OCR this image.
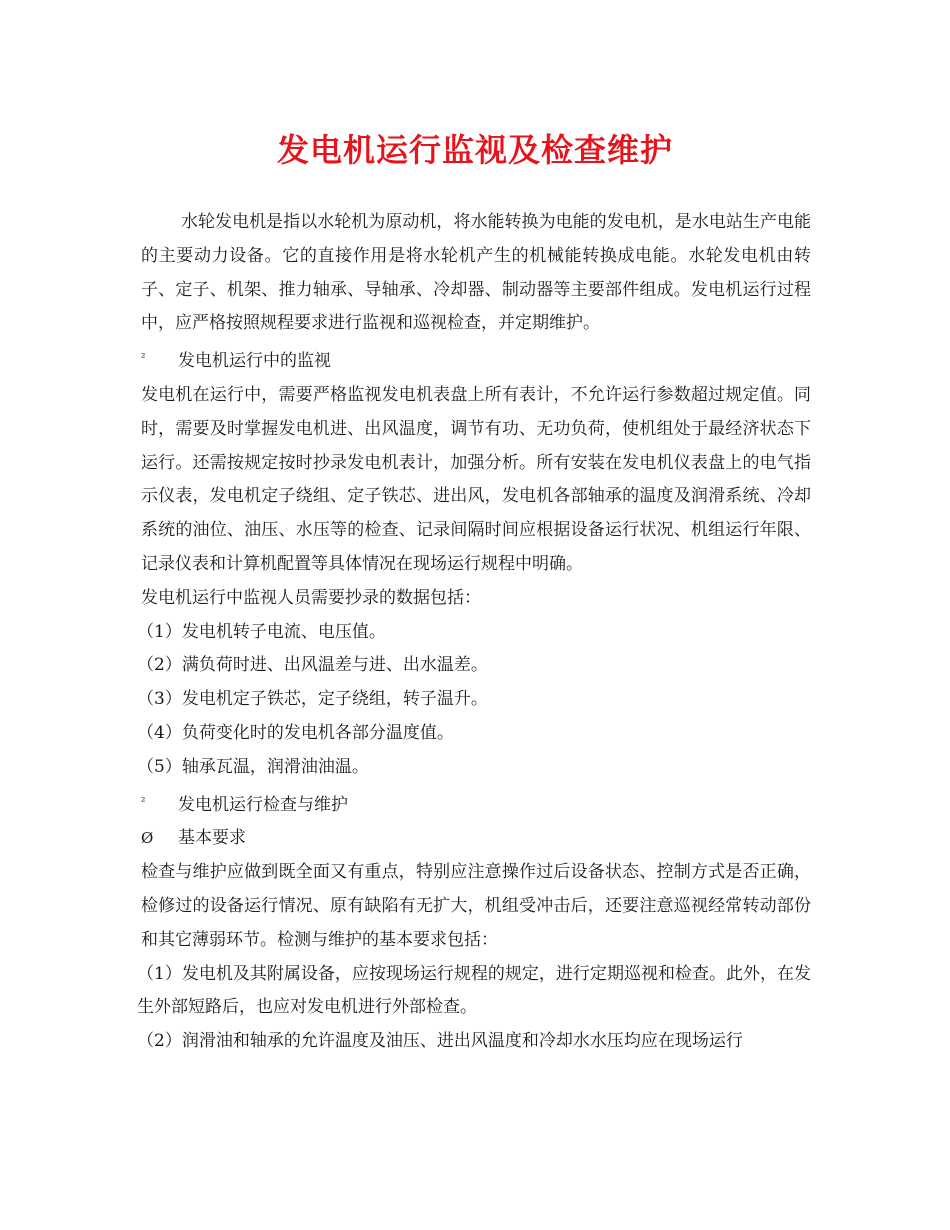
发电机运行监视及检查维护

水轮发电机是指以水轮机为原动机，将水能转换为电能的发电机，是水电站生产电能的主要动力设备。它的直接作用是将水轮机产生的机械能转换成电能。水轮发电机由转子、定子、机架、推力轴承、导轴承、冷却器、制动器等主要部件组成。发电机运行过程中，应严格按照规程要求进行监视和巡视检查，并定期维护。

² 发电机运行中的监视

发电机在运行中，需要严格监视发电机表盘上所有表计，不允许运行参数超过规定值。同时，需要及时掌握发电机进、出风温度，调节有功、无功负荷，使机组处于最经济状态下运行。还需按规定按时抄录发电机表计，加强分析。所有安装在发电机仪表盘上的电气指示仪表，发电机定子绕组、定子铁芯、进出风，发电机各部轴承的温度及润滑系统、冷却系统的油位、油压、水压等的检查、记录间隔时间应根据设备运行状况、机组运行年限、记录仪表和计算机配置等具体情况在现场运行规程中明确。

发电机运行中监视人员需要抄录的数据包括：

（1）发电机转子电流、电压值。

（2）满负荷时进、出风温差与进、出水温差。

（3）发电机定子铁芯，定子绕组，转子温升。

（4）负荷变化时的发电机各部分温度值。

（5）轴承瓦温，润滑油油温。

² 发电机运行检查与维护

Ø 基本要求

检查与维护应做到既全面又有重点，特别应注意操作过后设备状态、控制方式是否正确，检修过的设备运行情况、原有缺陷有无扩大，机组受冲击后，还要注意巡视经常转动部份和其它薄弱环节。检测与维护的基本要求包括：

（1）发电机及其附属设备，应按现场运行规程的规定，进行定期巡视和检查。此外，在发生外部短路后，也应对发电机进行外部检查。

（2）润滑油和轴承的允许温度及油压、进出风温度和冷却水水压均应在现场运行
